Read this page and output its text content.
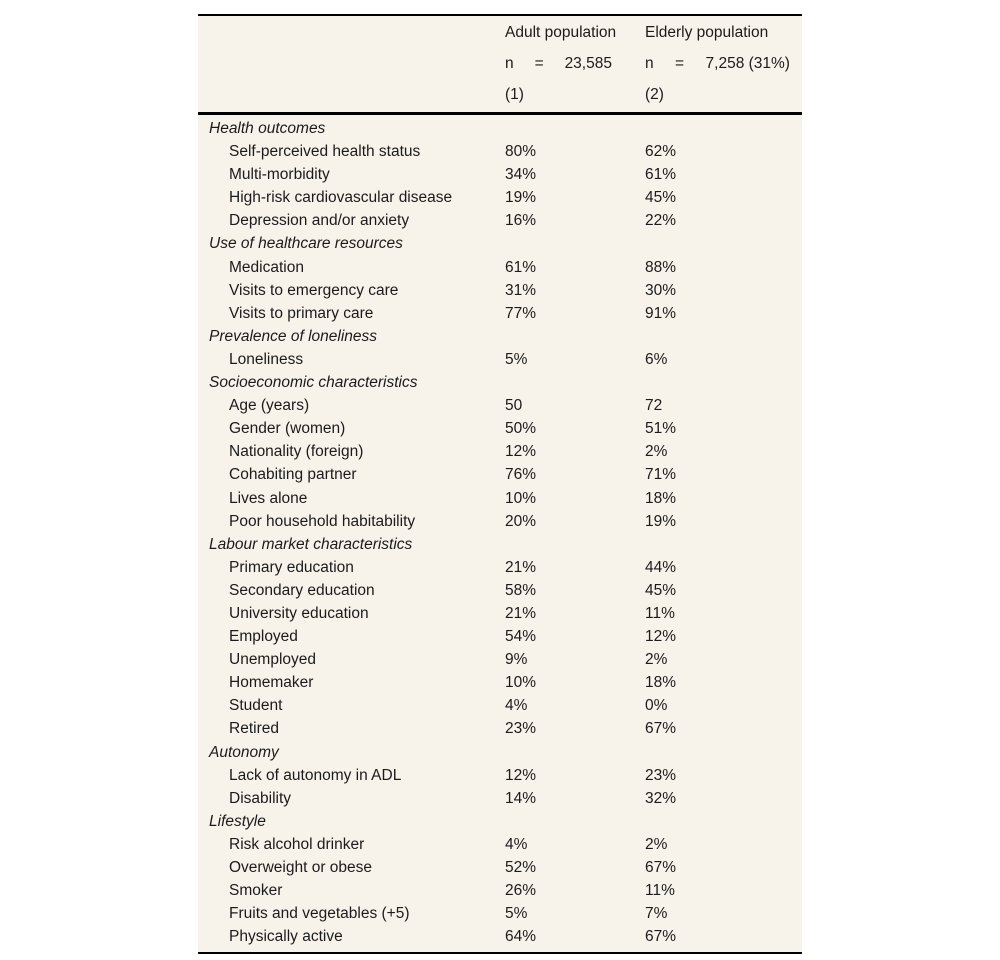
Adult population
n = 23,585
(1)
Elderly population
n = 7,258 (31%)
(2)
Health outcomes
Self-perceived health status	80%	62%
Multi-morbidity	34%	61%
High-risk cardiovascular disease	19%	45%
Depression and/or anxiety	16%	22%
Use of healthcare resources
Medication	61%	88%
Visits to emergency care	31%	30%
Visits to primary care	77%	91%
Prevalence of loneliness
Loneliness	5%	6%
Socioeconomic characteristics
Age (years)	50	72
Gender (women)	50%	51%
Nationality (foreign)	12%	2%
Cohabiting partner	76%	71%
Lives alone	10%	18%
Poor household habitability	20%	19%
Labour market characteristics
Primary education	21%	44%
Secondary education	58%	45%
University education	21%	11%
Employed	54%	12%
Unemployed	9%	2%
Homemaker	10%	18%
Student	4%	0%
Retired	23%	67%
Autonomy
Lack of autonomy in ADL	12%	23%
Disability	14%	32%
Lifestyle
Risk alcohol drinker	4%	2%
Overweight or obese	52%	67%
Smoker	26%	11%
Fruits and vegetables (+5)	5%	7%
Physically active	64%	67%
